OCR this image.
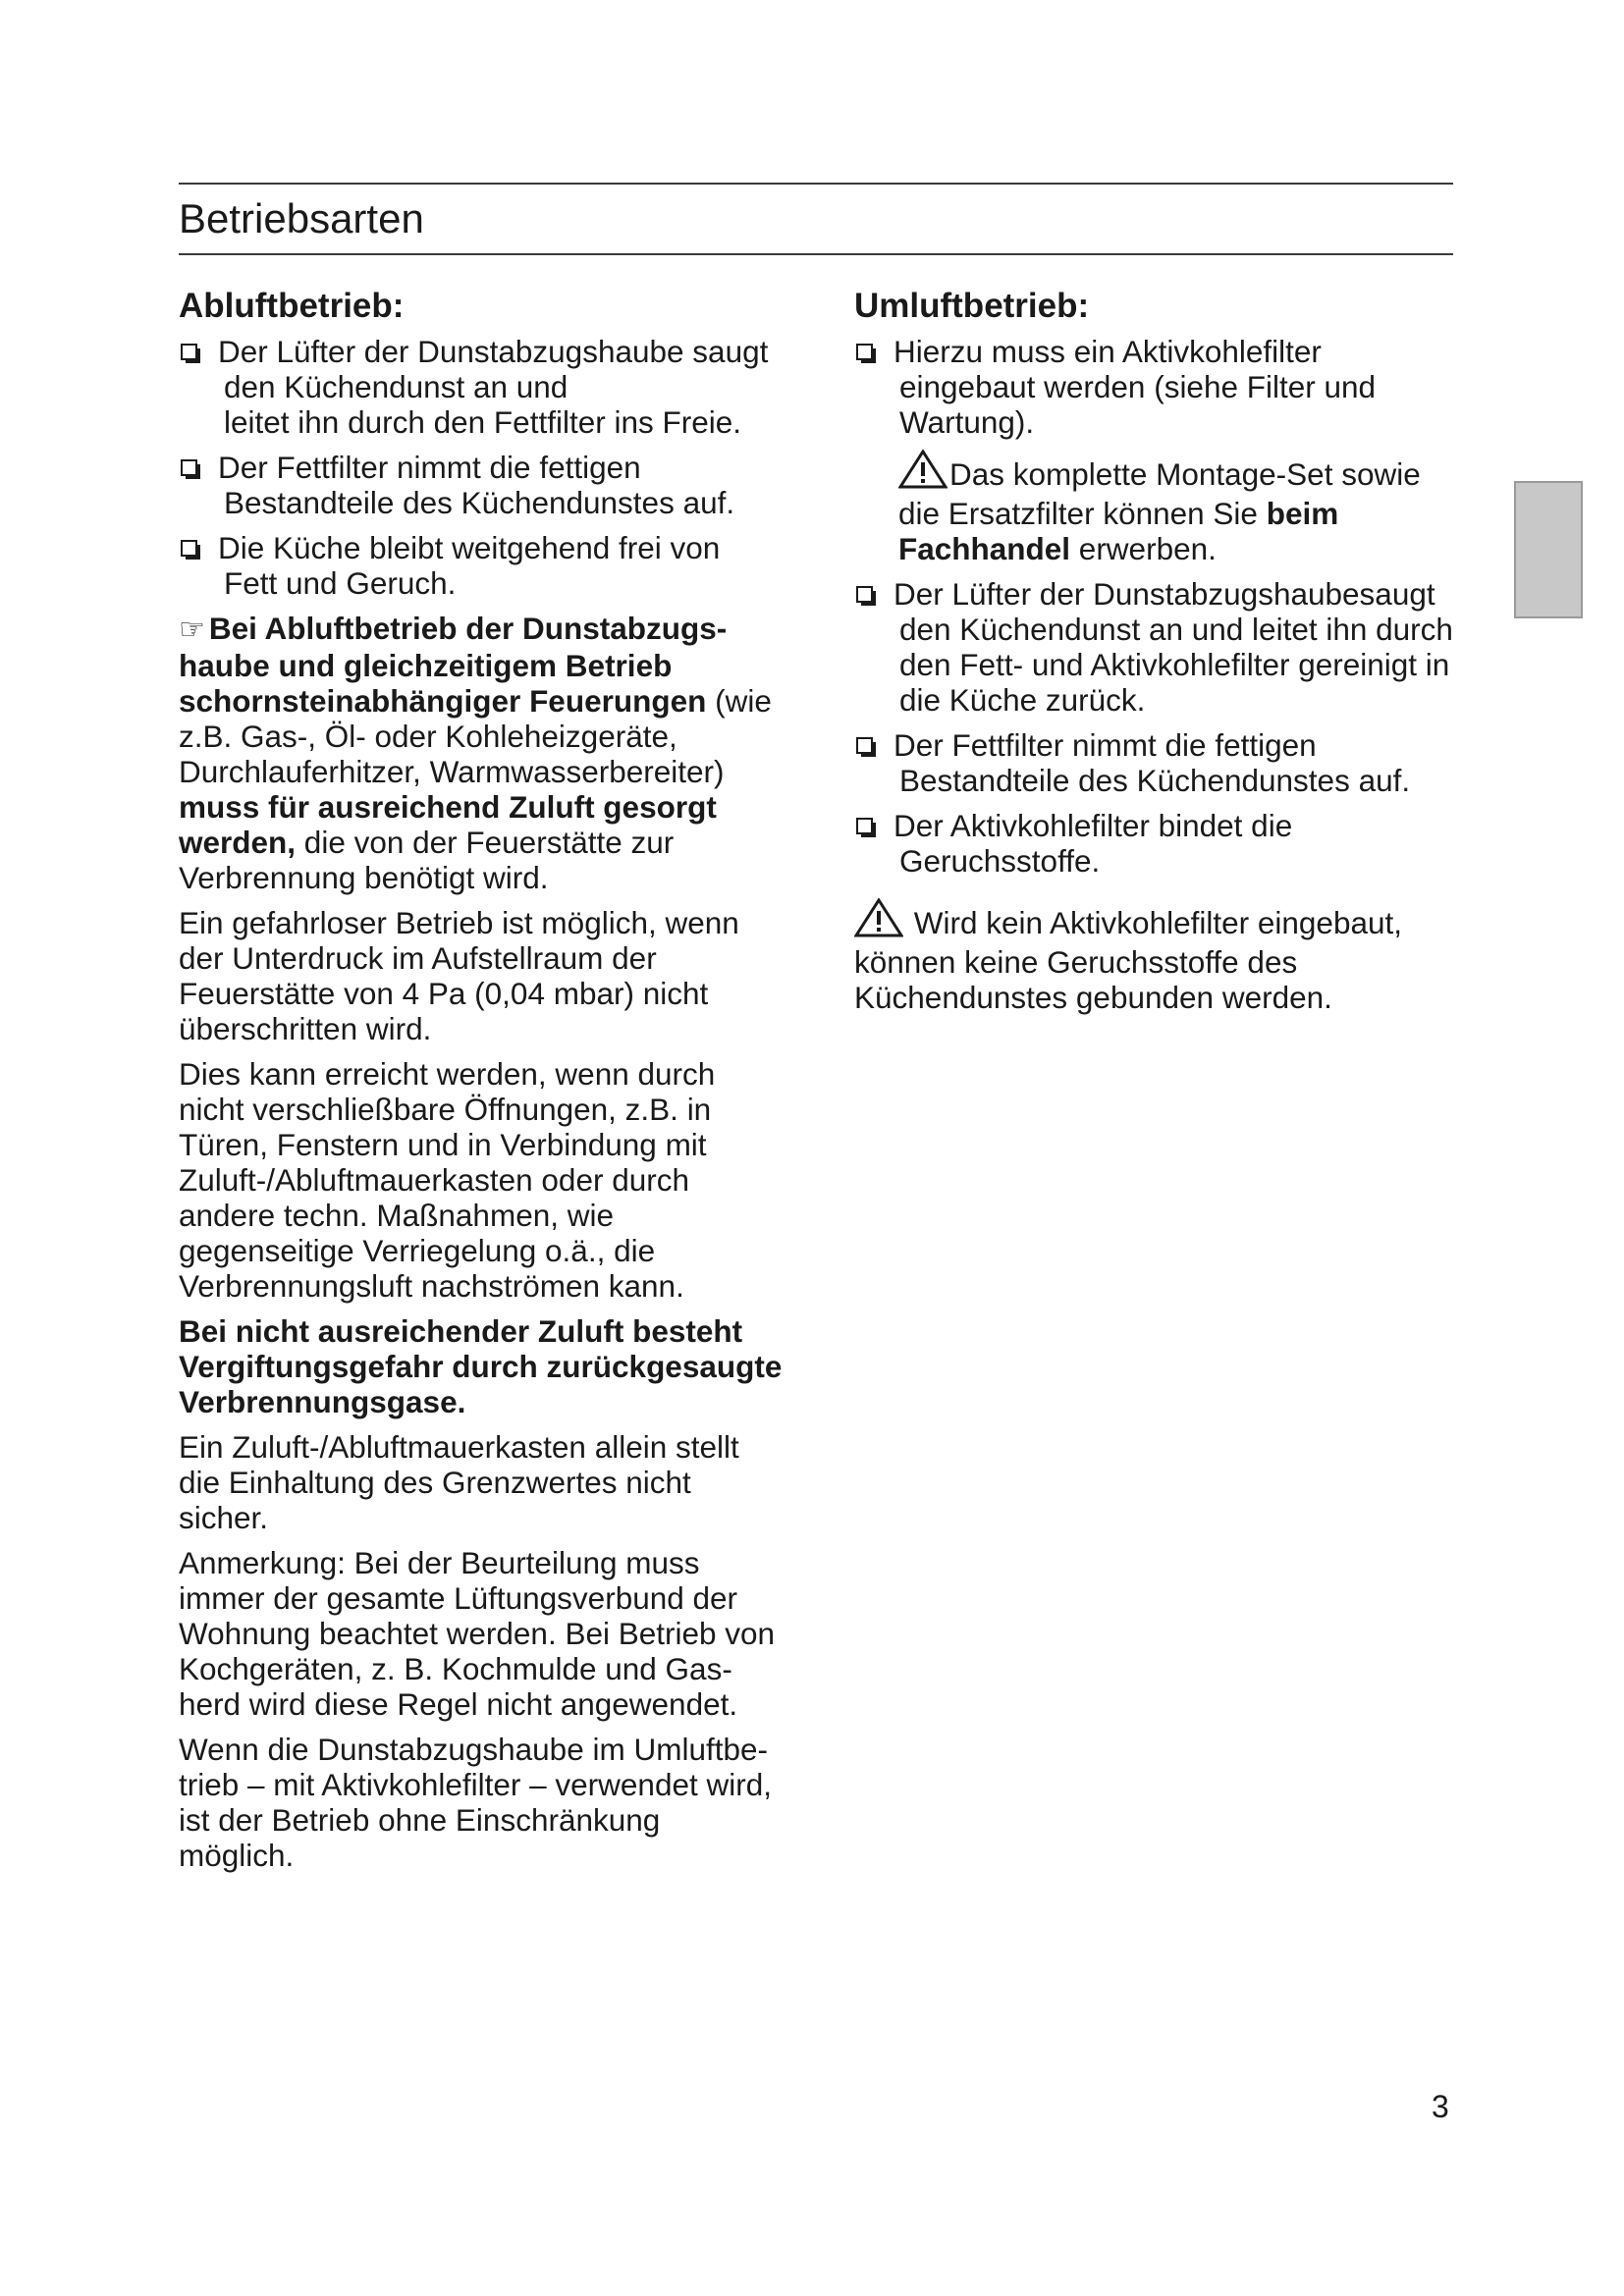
Betriebsarten
Abluftbetrieb:
Der Lüfter der Dunstabzugshaube saugt

den Küchendunst an und
leitet ihn durch den Fettfilter ins Freie.
Der Fettfilter nimmt die fettigen

Bestandteile des Küchendunstes auf.
Die Küche bleibt weitgehend frei von

Fett und Geruch.
☞ Bei Abluftbetrieb der Dunstabzugs-
haube und gleichzeitigem Betrieb
schornsteinabhängiger Feuerungen (wie
z.B. Gas-, Öl- oder Kohleheizgeräte,
Durchlauferhitzer, Warmwasserbereiter)
muss für ausreichend Zuluft gesorgt
werden, die von der Feuerstätte zur
Verbrennung benötigt wird.
Ein gefahrloser Betrieb ist möglich, wenn
der Unterdruck im Aufstellraum der
Feuerstätte von 4 Pa (0,04 mbar) nicht
überschritten wird.
Dies kann erreicht werden, wenn durch
nicht verschließbare Öffnungen, z.B. in
Türen, Fenstern und in Verbindung mit
Zuluft-/Abluftmauerkasten oder durch
andere techn. Maßnahmen, wie
gegenseitige Verriegelung o.ä., die
Verbrennungsluft nachströmen kann.
Bei nicht ausreichender Zuluft besteht
Vergiftungsgefahr durch zurückgesaugte
Verbrennungsgase.
Ein Zuluft-/Abluftmauerkasten allein stellt
die Einhaltung des Grenzwertes nicht
sicher.
Anmerkung: Bei der Beurteilung muss
immer der gesamte Lüftungsverbund der
Wohnung beachtet werden. Bei Betrieb von
Kochgeräten, z. B. Kochmulde und Gas-
herd wird diese Regel nicht angewendet.
Wenn die Dunstabzugshaube im Umluftbe-
trieb – mit Aktivkohlefilter – verwendet wird,
ist der Betrieb ohne Einschränkung
möglich.
Umluftbetrieb:
Hierzu muss ein Aktivkohlefilter

eingebaut werden (siehe Filter und
Wartung).
Das komplette Montage-Set sowie
die Ersatzfilter können Sie beim
Fachhandel erwerben.
Der Lüfter der Dunstabzugshaubesaugt

den Küchendunst an und leitet ihn durch
den Fett- und Aktivkohlefilter gereinigt in
die Küche zurück.
Der Fettfilter nimmt die fettigen

Bestandteile des Küchendunstes auf.
Der Aktivkohlefilter bindet die

Geruchsstoffe.
Wird kein Aktivkohlefilter eingebaut,
können keine Geruchsstoffe des
Küchendunstes gebunden werden.
3
